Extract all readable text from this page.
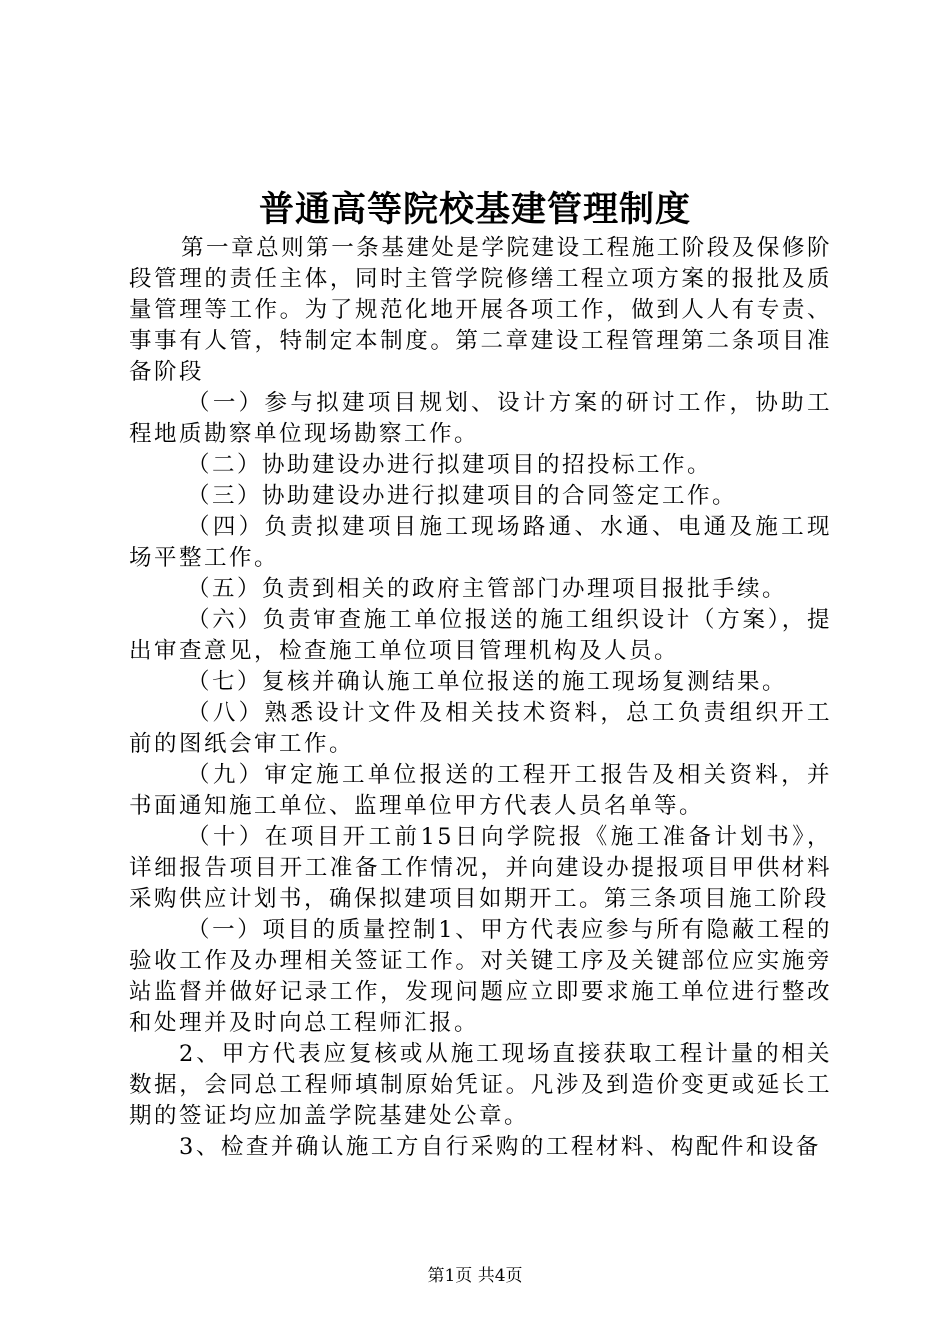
普通高等院校基建管理制度

第一章总则第一条基建处是学院建设工程施工阶段及保修阶段管理的责任主体，同时主管学院修缮工程立项方案的报批及质量管理等工作。为了规范化地开展各项工作，做到人人有专责、事事有人管，特制定本制度。第二章建设工程管理第二条项目准备阶段

（一）参与拟建项目规划、设计方案的研讨工作，协助工程地质勘察单位现场勘察工作。

（二）协助建设办进行拟建项目的招投标工作。

（三）协助建设办进行拟建项目的合同签定工作。

（四）负责拟建项目施工现场路通、水通、电通及施工现场平整工作。

（五）负责到相关的政府主管部门办理项目报批手续。

（六）负责审查施工单位报送的施工组织设计（方案），提出审查意见，检查施工单位项目管理机构及人员。

（七）复核并确认施工单位报送的施工现场复测结果。

（八）熟悉设计文件及相关技术资料，总工负责组织开工前的图纸会审工作。

（九）审定施工单位报送的工程开工报告及相关资料，并书面通知施工单位、监理单位甲方代表人员名单等。

（十）在项目开工前15日向学院报《施工准备计划书》，详细报告项目开工准备工作情况，并向建设办提报项目甲供材料采购供应计划书，确保拟建项目如期开工。第三条项目施工阶段

（一）项目的质量控制1、甲方代表应参与所有隐蔽工程的验收工作及办理相关签证工作。对关键工序及关键部位应实施旁站监督并做好记录工作，发现问题应立即要求施工单位进行整改和处理并及时向总工程师汇报。

2、甲方代表应复核或从施工现场直接获取工程计量的相关数据，会同总工程师填制原始凭证。凡涉及到造价变更或延长工期的签证均应加盖学院基建处公章。

3、检查并确认施工方自行采购的工程材料、构配件和设备

第1页 共4页
